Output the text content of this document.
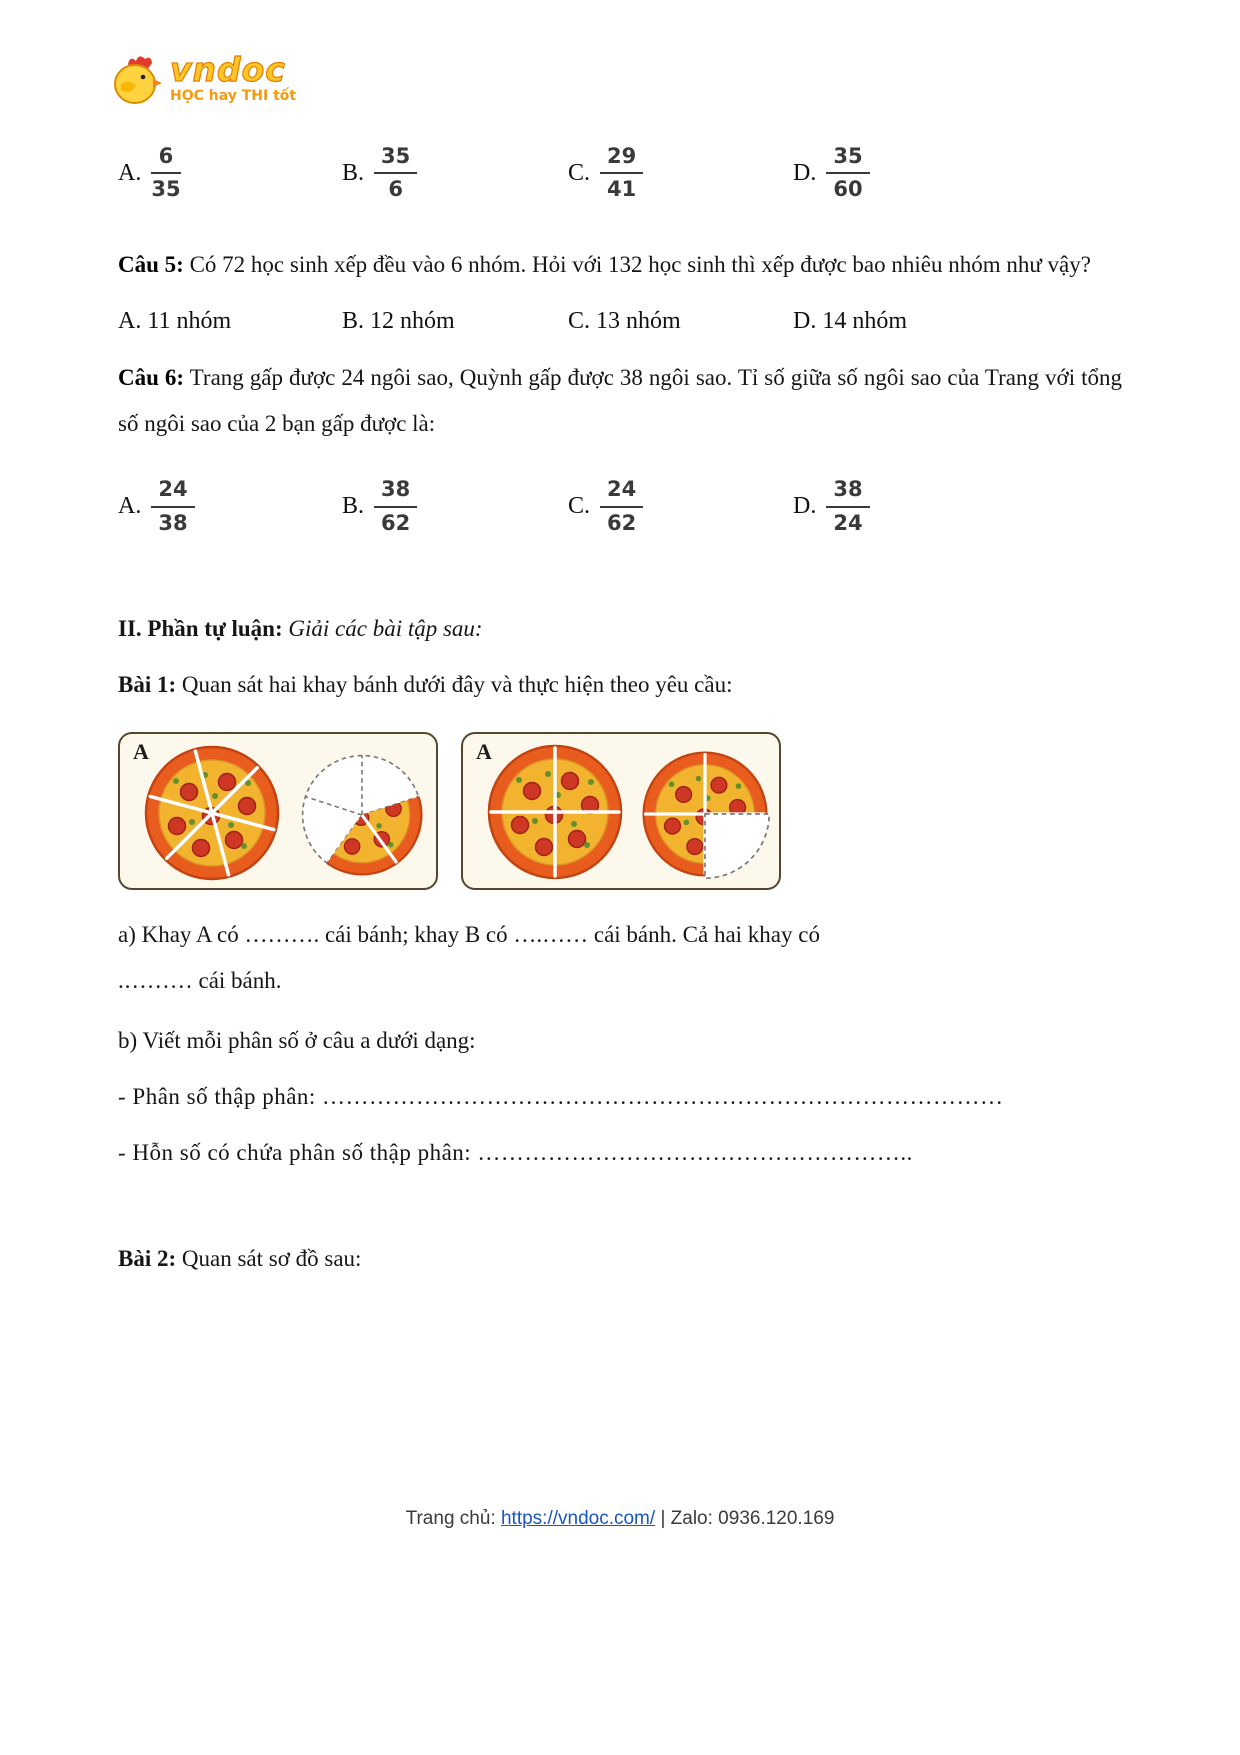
vndoc
HỌC hay THI tốt
A. $\frac{6}{35}$	B. $\frac{35}{6}$	C. $\frac{29}{41}$	D. $\frac{35}{60}$

Câu 5: Có 72 học sinh xếp đều vào 6 nhóm. Hỏi với 132 học sinh thì xếp được bao nhiêu nhóm như vậy?

A. 11 nhóm	B. 12 nhóm	C. 13 nhóm	D. 14 nhóm

Câu 6: Trang gấp được 24 ngôi sao, Quỳnh gấp được 38 ngôi sao. Tỉ số giữa số ngôi sao của Trang với tổng số ngôi sao của 2 bạn gấp được là:

A. $\frac{24}{38}$	B. $\frac{38}{62}$	C. $\frac{24}{62}$	D. $\frac{38}{24}$

II. Phần tự luận: Giải các bài tập sau:

Bài 1: Quan sát hai khay bánh dưới đây và thực hiện theo yêu cầu:

A	A
a) Khay A có ………. cái bánh; khay B có ….…… cái bánh. Cả hai khay có
.……… cái bánh.
b) Viết mỗi phân số ở câu a dưới dạng:
- Phân số thập phân: ……………………………………………………………………………
- Hỗn số có chứa phân số thập phân: ………………………………………………..

Bài 2: Quan sát sơ đồ sau:

Trang chủ: https://vndoc.com/ | Zalo: 0936.120.169
